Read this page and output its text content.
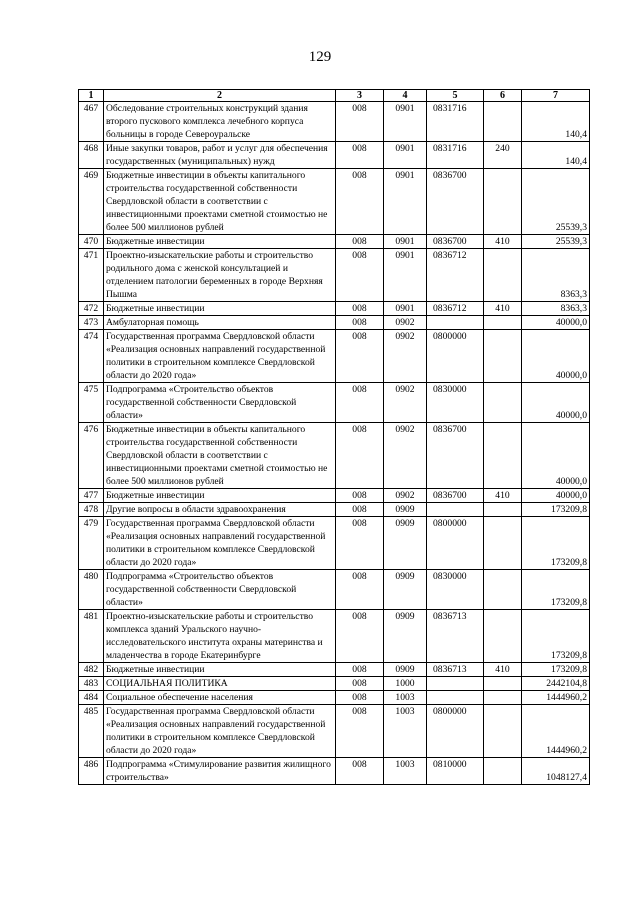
129
1	2	3	4	5	6	7
467	Обследование строительных конструкций здания второго пускового комплекса лечебного корпуса больницы в городе Североуральске	008	0901	0831716		140,4
468	Иные закупки товаров, работ и услуг для обеспечения государственных (муниципальных) нужд	008	0901	0831716	240	140,4
469	Бюджетные инвестиции в объекты капитального строительства государственной собственности Свердловской области в соответствии с инвестиционными проектами сметной стоимостью не более 500 миллионов рублей	008	0901	0836700		25539,3
470	Бюджетные инвестиции	008	0901	0836700	410	25539,3
471	Проектно-изыскательские работы и строительство родильного дома с женской консультацией и отделением патологии беременных в городе Верхняя Пышма	008	0901	0836712		8363,3
472	Бюджетные инвестиции	008	0901	0836712	410	8363,3
473	Амбулаторная помощь	008	0902			40000,0
474	Государственная программа Свердловской области «Реализация основных направлений государственной политики в строительном комплексе Свердловской области до 2020 года»	008	0902	0800000		40000,0
475	Подпрограмма «Строительство объектов государственной собственности Свердловской области»	008	0902	0830000		40000,0
476	Бюджетные инвестиции в объекты капитального строительства государственной собственности Свердловской области в соответствии с инвестиционными проектами сметной стоимостью не более 500 миллионов рублей	008	0902	0836700		40000,0
477	Бюджетные инвестиции	008	0902	0836700	410	40000,0
478	Другие вопросы в области здравоохранения	008	0909			173209,8
479	Государственная программа Свердловской области «Реализация основных направлений государственной политики в строительном комплексе Свердловской области до 2020 года»	008	0909	0800000		173209,8
480	Подпрограмма «Строительство объектов государственной собственности Свердловской области»	008	0909	0830000		173209,8
481	Проектно-изыскательские работы и строительство комплекса зданий Уральского научно-исследовательского института охраны материнства и младенчества в городе Екатеринбурге	008	0909	0836713		173209,8
482	Бюджетные инвестиции	008	0909	0836713	410	173209,8
483	СОЦИАЛЬНАЯ ПОЛИТИКА	008	1000			2442104,8
484	Социальное обеспечение населения	008	1003			1444960,2
485	Государственная программа Свердловской области «Реализация основных направлений государственной политики в строительном комплексе Свердловской области до 2020 года»	008	1003	0800000		1444960,2
486	Подпрограмма «Стимулирование развития жилищного строительства»	008	1003	0810000		1048127,4
